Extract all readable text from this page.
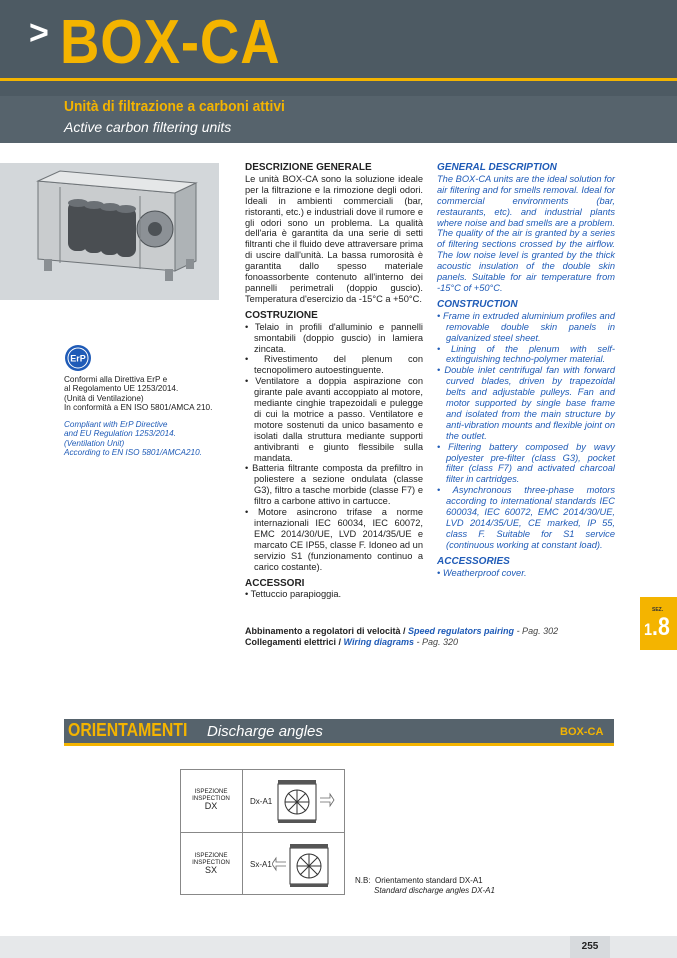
> BOX-CA
Unità di filtrazione a carboni attivi
Active carbon filtering units
ErP
Conformi alla Direttiva ErP e
al Regolamento UE 1253/2014.
(Unità di Ventilazione)
In conformità a EN ISO 5801/AMCA 210.
Compliant with ErP Directive
and EU Regulation 1253/2014.
(Ventilation Unit)
According to EN ISO 5801/AMCA210.

DESCRIZIONE GENERALE

Le unità BOX-CA sono la soluzione ideale per la filtrazione e la rimozione degli odori. Ideali in ambienti commerciali (bar, ristoranti, etc.) e industriali dove il rumore e gli odori sono un problema. La qualità dell'aria è garantita da una serie di setti filtranti che il fluido deve attraversare prima di uscire dall'unità. La bassa rumorosità è garantita dallo spesso materiale fonoassorbente contenuto all'interno dei pannelli perimetrali (doppio guscio). Temperatura d'esercizio da -15°C a +50°C.

COSTRUZIONE

• Telaio in profili d'alluminio e pannelli smontabili (doppio guscio) in lamiera zincata.
• Rivestimento del plenum con tecnopolimero autoestinguente.
• Ventilatore a doppia aspirazione con girante pale avanti accoppiato al motore, mediante cinghie trapezoidali e pulegge di cui la motrice a passo. Ventilatore e motore sostenuti da unico basamento e isolati dalla struttura mediante supporti antivibranti e giunto flessibile sulla mandata.
• Batteria filtrante composta da prefiltro in poliestere a sezione ondulata (classe G3), filtro a tasche morbide (classe F7) e filtro a carbone attivo in cartucce.
• Motore asincrono trifase a norme internazionali IEC 60034, IEC 60072, EMC 2014/30/UE, LVD 2014/35/UE e marcato CE IP55, classe F. Idoneo ad un servizio S1 (funzionamento continuo a carico costante).

ACCESSORI

• Tettuccio parapioggia.

GENERAL DESCRIPTION

The BOX-CA units are the ideal solution for air filtering and for smells removal. Ideal for commercial environments (bar, restaurants, etc). and industrial plants where noise and bad smells are a problem. The quality of the air is granted by a series of filtering sections crossed by the airflow. The low noise level is granted by the thick acoustic insulation of the double skin panels. Suitable for air temperature from -15°C of +50°C.

CONSTRUCTION

• Frame in extruded aluminium profiles and removable double skin panels in galvanized steel sheet.
• Lining of the plenum with self-extinguishing techno-polymer material.
• Double inlet centrifugal fan with forward curved blades, driven by trapezoidal belts and adjustable pulleys. Fan and motor supported by single base frame and isolated from the main structure by anti-vibration mounts and flexible joint on the outlet.
• Filtering battery composed by wavy polyester pre-filter (class G3), pocket filter (class F7) and activated charcoal filter in cartridges.
• Asynchronous three-phase motors according to international standards IEC 600034, IEC 60072, EMC 2014/30/UE, LVD 2014/35/UE, CE marked, IP 55, class F. Suitable for S1 service (continuous working at constant load).

ACCESSORIES

• Weatherproof cover.
SEZ.
1.8
Abbinamento a regolatori di velocità / Speed regulators pairing - Pag. 302
Collegamenti elettrici / Wiring diagrams - Pag. 320
ORIENTAMENTI Discharge angles	BOX-CA
ISPEZIONE
INSPECTION
DX
ISPEZIONE
INSPECTION
SX
Dx-A1
Sx-A1
N.B: Orientamento standard DX-A1
Standard discharge angles DX-A1
255
